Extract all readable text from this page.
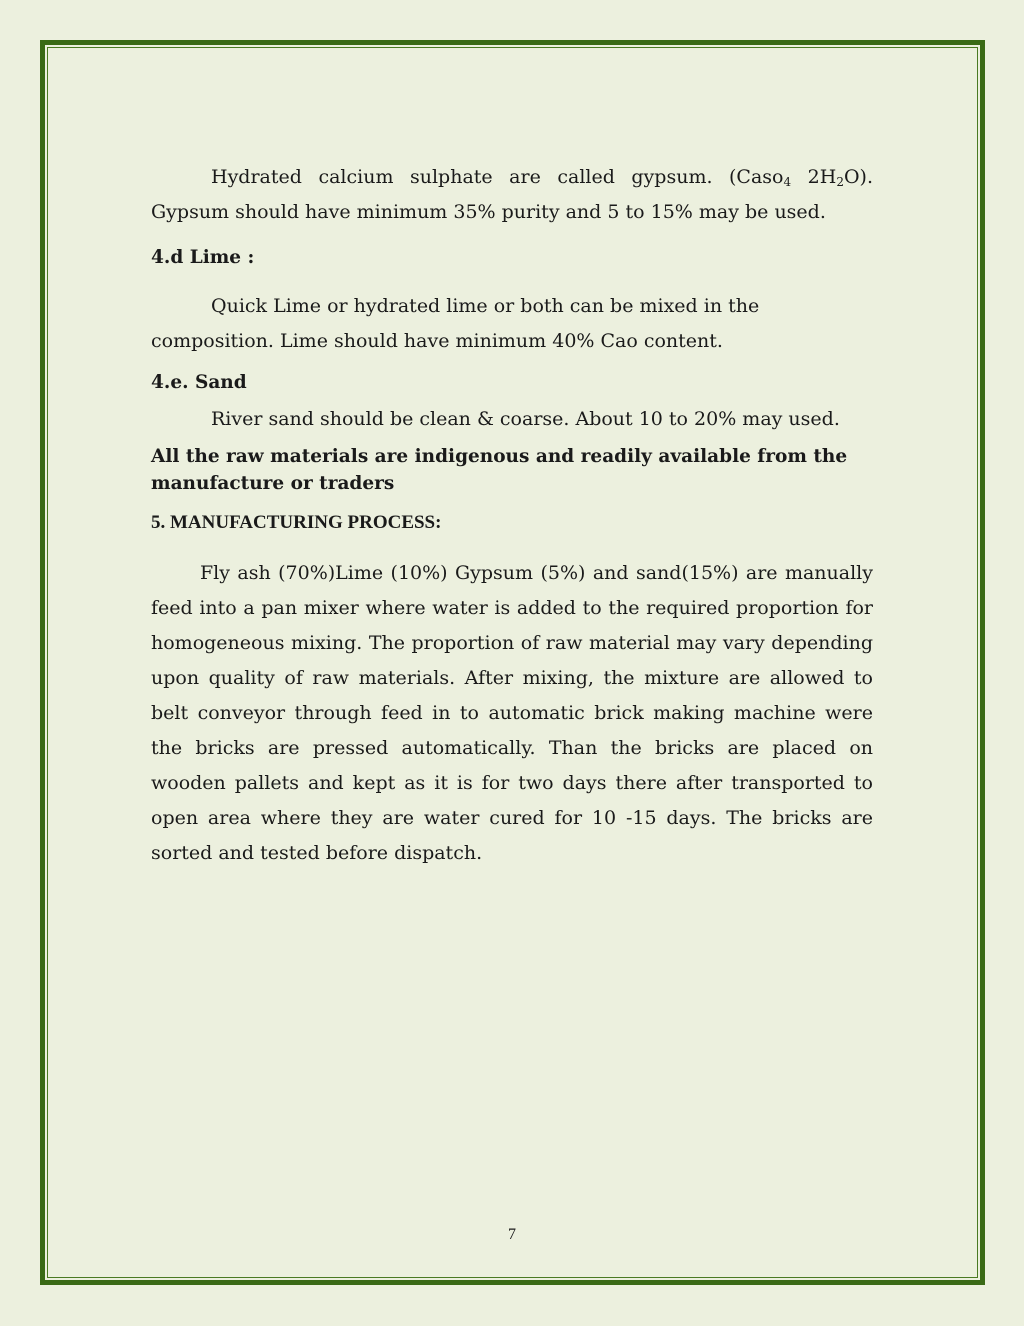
Hydrated calcium sulphate are called gypsum. (Caso$_4$ $2H_2O$). Gypsum should have minimum 35% purity and 5 to 15% may be used.

4.d Lime :

Quick Lime or hydrated lime or both can be mixed in the composition. Lime should have minimum 40% Cao content.

4.e. Sand

River sand should be clean & coarse. About 10 to 20% may used.

All the raw materials are indigenous and readily available from the manufacture or traders

5. MANUFACTURING PROCESS:

Fly ash (70%)Lime (10%) Gypsum (5%) and sand(15%) are manually feed into a pan mixer where water is added to the required proportion for homogeneous mixing. The proportion of raw material may vary depending upon quality of raw materials. After mixing, the mixture are allowed to belt conveyor through feed in to automatic brick making machine were the bricks are pressed automatically. Than the bricks are placed on wooden pallets and kept as it is for two days there after transported to open area where they are water cured for 10 -15 days. The bricks are sorted and tested before dispatch.

7
